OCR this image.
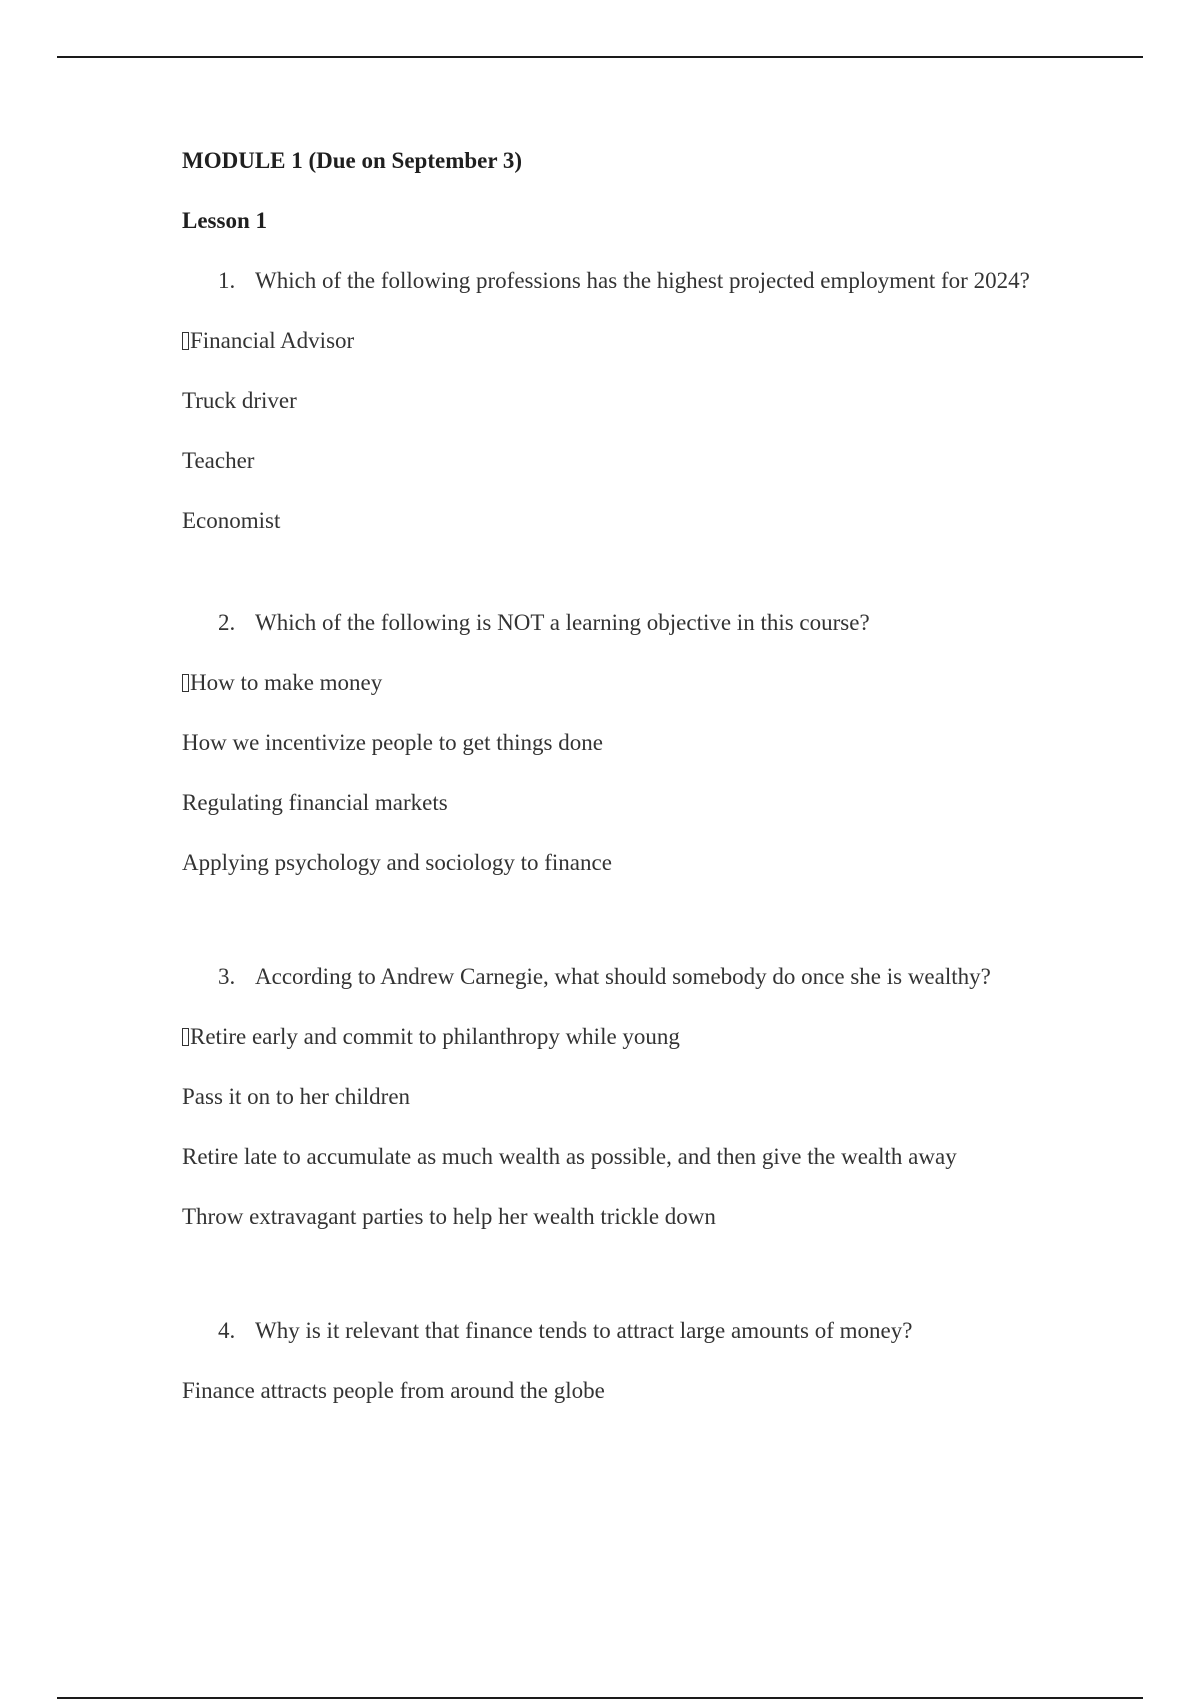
MODULE 1 (Due on September 3)
Lesson 1
1. Which of the following professions has the highest projected employment for 2024?
Financial Advisor
Truck driver
Teacher
Economist
2. Which of the following is NOT a learning objective in this course?
How to make money
How we incentivize people to get things done
Regulating financial markets
Applying psychology and sociology to finance
3. According to Andrew Carnegie, what should somebody do once she is wealthy?
Retire early and commit to philanthropy while young
Pass it on to her children
Retire late to accumulate as much wealth as possible, and then give the wealth away
Throw extravagant parties to help her wealth trickle down
4. Why is it relevant that finance tends to attract large amounts of money?
Finance attracts people from around the globe
